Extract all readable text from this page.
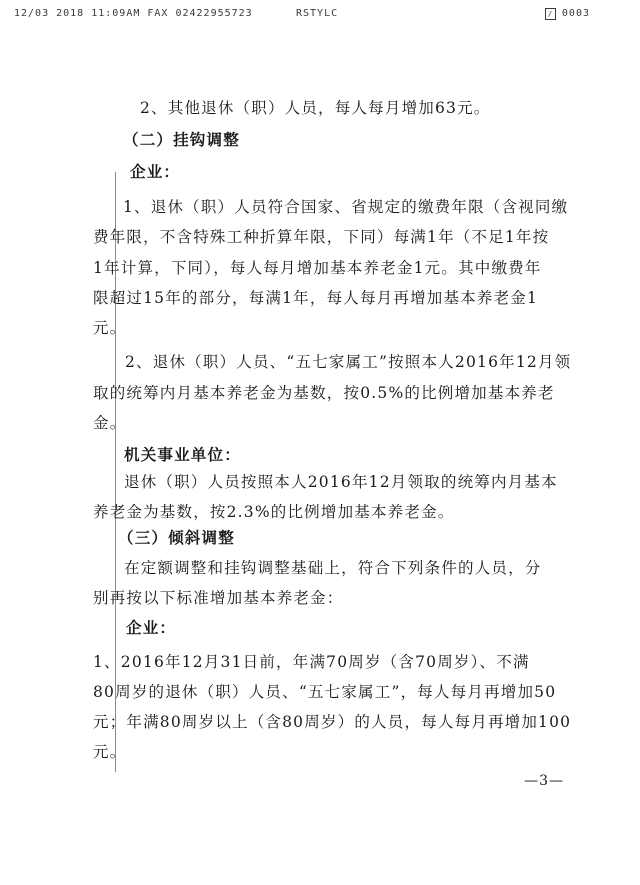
12/03 2018 11:09AM FAX 02422955723	RSTYLC	/ 0003
2、其他退休（职）人员，每人每月增加63元。
（二）挂钩调整
企业：
1、退休（职）人员符合国家、省规定的缴费年限（含视同缴
费年限，不含特殊工种折算年限，下同）每满1年（不足1年按
1年计算，下同），每人每月增加基本养老金1元。其中缴费年
限超过15年的部分，每满1年，每人每月再增加基本养老金1
元。
2、退休（职）人员、“五七家属工”按照本人2016年12月领
取的统筹内月基本养老金为基数，按0.5%的比例增加基本养老
金。
机关事业单位：
退休（职）人员按照本人2016年12月领取的统筹内月基本
养老金为基数，按2.3%的比例增加基本养老金。
（三）倾斜调整
在定额调整和挂钩调整基础上，符合下列条件的人员，分
别再按以下标准增加基本养老金：
企业：
1、2016年12月31日前，年满70周岁（含70周岁）、不满
80周岁的退休（职）人员、“五七家属工”，每人每月再增加50
元；年满80周岁以上（含80周岁）的人员，每人每月再增加100
元。
—3—
